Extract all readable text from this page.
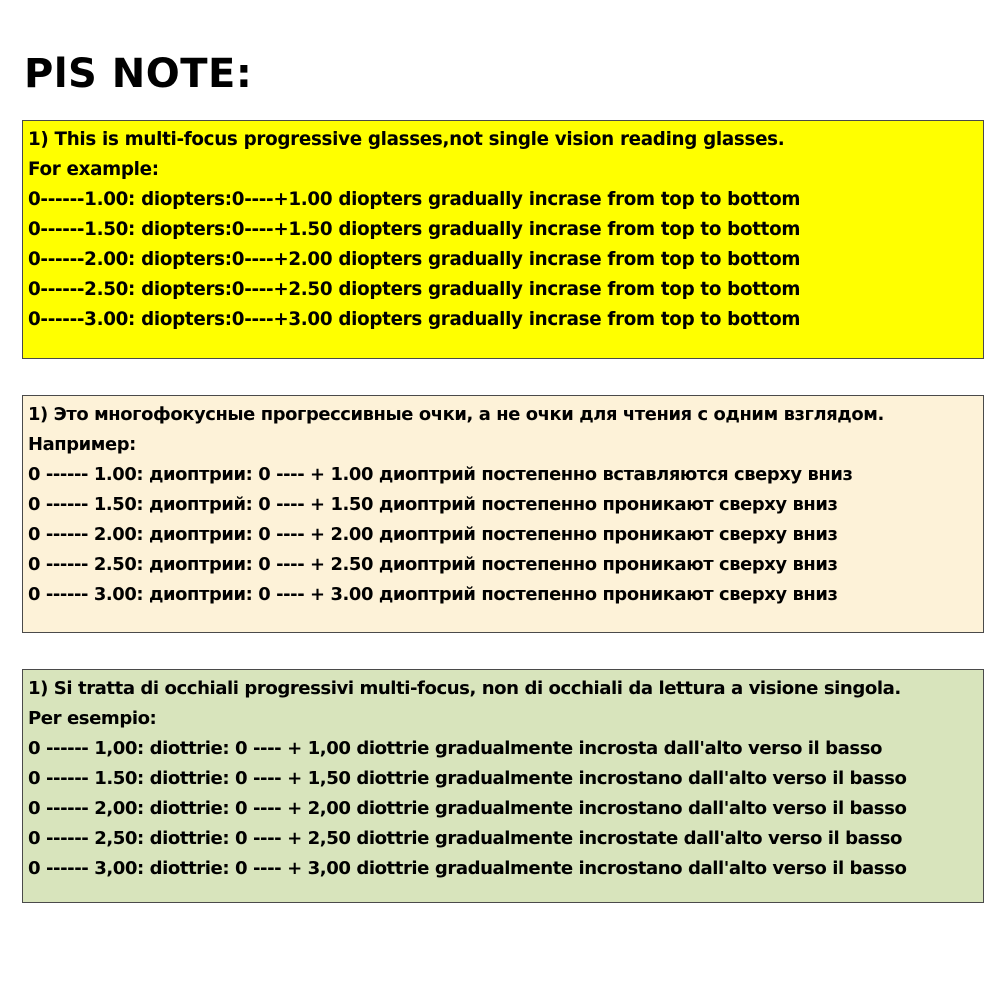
PlS NOTE:
1) This is multi-focus progressive glasses,not single vision reading glasses.
For example:
0------1.00: diopters:0----+1.00 diopters gradually incrase from top to bottom
0------1.50: diopters:0----+1.50 diopters gradually incrase from top to bottom
0------2.00: diopters:0----+2.00 diopters gradually incrase from top to bottom
0------2.50: diopters:0----+2.50 diopters gradually incrase from top to bottom
0------3.00: diopters:0----+3.00 diopters gradually incrase from top to bottom
1) Это многофокусные прогрессивные очки, а не очки для чтения с одним взглядом.
Например:
0 ------ 1.00: диоптрии: 0 ---- + 1.00 диоптрий постепенно вставляются сверху вниз
0 ------ 1.50: диоптрий: 0 ---- + 1.50 диоптрий постепенно проникают сверху вниз
0 ------ 2.00: диоптрии: 0 ---- + 2.00 диоптрий постепенно проникают сверху вниз
0 ------ 2.50: диоптрии: 0 ---- + 2.50 диоптрий постепенно проникают сверху вниз
0 ------ 3.00: диоптрии: 0 ---- + 3.00 диоптрий постепенно проникают сверху вниз
1) Si tratta di occhiali progressivi multi-focus, non di occhiali da lettura a visione singola.
Per esempio:
0 ------ 1,00: diottrie: 0 ---- + 1,00 diottrie gradualmente incrosta dall'alto verso il basso
0 ------ 1.50: diottrie: 0 ---- + 1,50 diottrie gradualmente incrostano dall'alto verso il basso
0 ------ 2,00: diottrie: 0 ---- + 2,00 diottrie gradualmente incrostano dall'alto verso il basso
0 ------ 2,50: diottrie: 0 ---- + 2,50 diottrie gradualmente incrostate dall'alto verso il basso
0 ------ 3,00: diottrie: 0 ---- + 3,00 diottrie gradualmente incrostano dall'alto verso il basso
